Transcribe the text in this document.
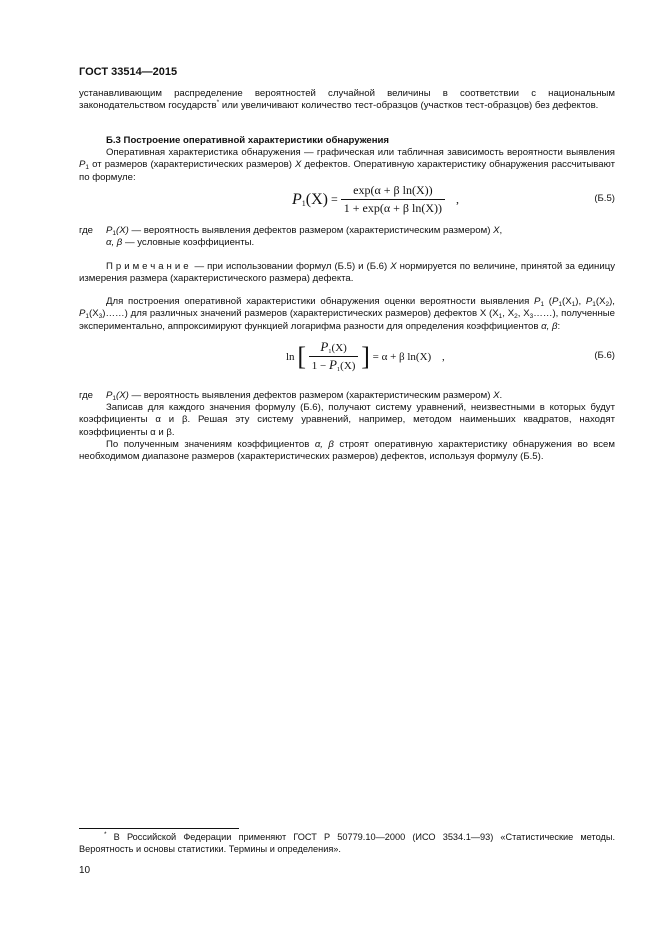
ГОСТ 33514—2015
устанавливающим распределение вероятностей случайной величины в соответствии с национальным законодательством государств* или увеличивают количество тест-образцов (участков тест-образцов) без дефектов.
Б.3 Построение оперативной характеристики обнаружения
Оперативная характеристика обнаружения — графическая или табличная зависимость вероятности выявления $P_1$ от размеров (характеристических размеров) X дефектов. Оперативную характеристику обнаружения рассчитывают по формуле:
$P_1(X) = \frac{\text{exp(α + β ln(X))}}{\text{1 + exp(α + β ln(X))}}$ ,	(Б.5)
где $P_1(X)$ — вероятность выявления дефектов размером (характеристическим размером) X,
α, β — условные коэффициенты.
Примечание — при использовании формул (Б.5) и (Б.6) X нормируется по величине, принятой за единицу измерения размера (характеристического размера) дефекта.
Для построения оперативной характеристики обнаружения оценки вероятности выявления $P_1$ ($P_1(X_1)$, $P_1(X_2)$, $P_1(X_3)\dots\dots$) для различных значений размеров (характеристических размеров) дефектов X ($X_1$, $X_2$, $X_3\dots\dots$), полученные экспериментально, аппроксимируют функцией логарифма разности для определения коэффициентов α, β:
ln [ $\frac{P_1(X)}{1 - P_1(X)}$ ] = α + β ln(X) ,	(Б.6)
где $P_1(X)$ — вероятность выявления дефектов размером (характеристическим размером) X.
Записав для каждого значения формулу (Б.6), получают систему уравнений, неизвестными в которых будут коэффициенты α и β. Решая эту систему уравнений, например, методом наименьших квадратов, находят коэффициенты α и β.
По полученным значениям коэффициентов α, β строят оперативную характеристику обнаружения во всем необходимом диапазоне размеров (характеристических размеров) дефектов, используя формулу (Б.5).
* В Российской Федерации применяют ГОСТ Р 50779.10—2000 (ИСО 3534.1—93) «Статистические методы. Вероятность и основы статистики. Термины и определения».
10
